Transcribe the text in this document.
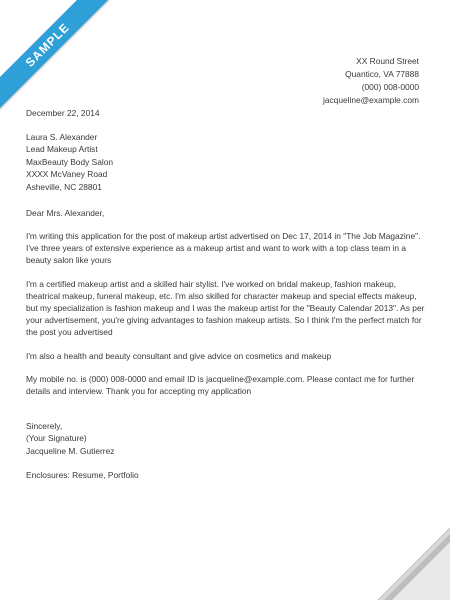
SAMPLE	XX Round Street
Quantico, VA 77888
(000) 008-0000
jacqueline@example.com
December 22, 2014
Laura S. Alexander
Lead Makeup Artist
MaxBeauty Body Salon
XXXX McVaney Road
Asheville, NC 28801
Dear Mrs. Alexander,
I'm writing this application for the post of makeup artist advertised on Dec 17, 2014 in "The Job Magazine". I've three years of extensive experience as a makeup artist and want to work with a top class team in a beauty salon like yours
I'm a certified makeup artist and a skilled hair stylist. I've worked on bridal makeup, fashion makeup, theatrical makeup, funeral makeup, etc. I'm also skilled for character makeup and special effects makeup, but my specialization is fashion makeup and I was the makeup artist for the "Beauty Calendar 2013". As per your advertisement, you're giving advantages to fashion makeup artists. So I think I'm the perfect match for the post you advertised
I'm also a health and beauty consultant and give advice on cosmetics and makeup
My mobile no. is (000) 008-0000 and email ID is jacqueline@example.com. Please contact me for further details and interview. Thank you for accepting my application
Sincerely,
(Your Signature)
Jacqueline M. Gutierrez
Enclosures: Resume, Portfolio
